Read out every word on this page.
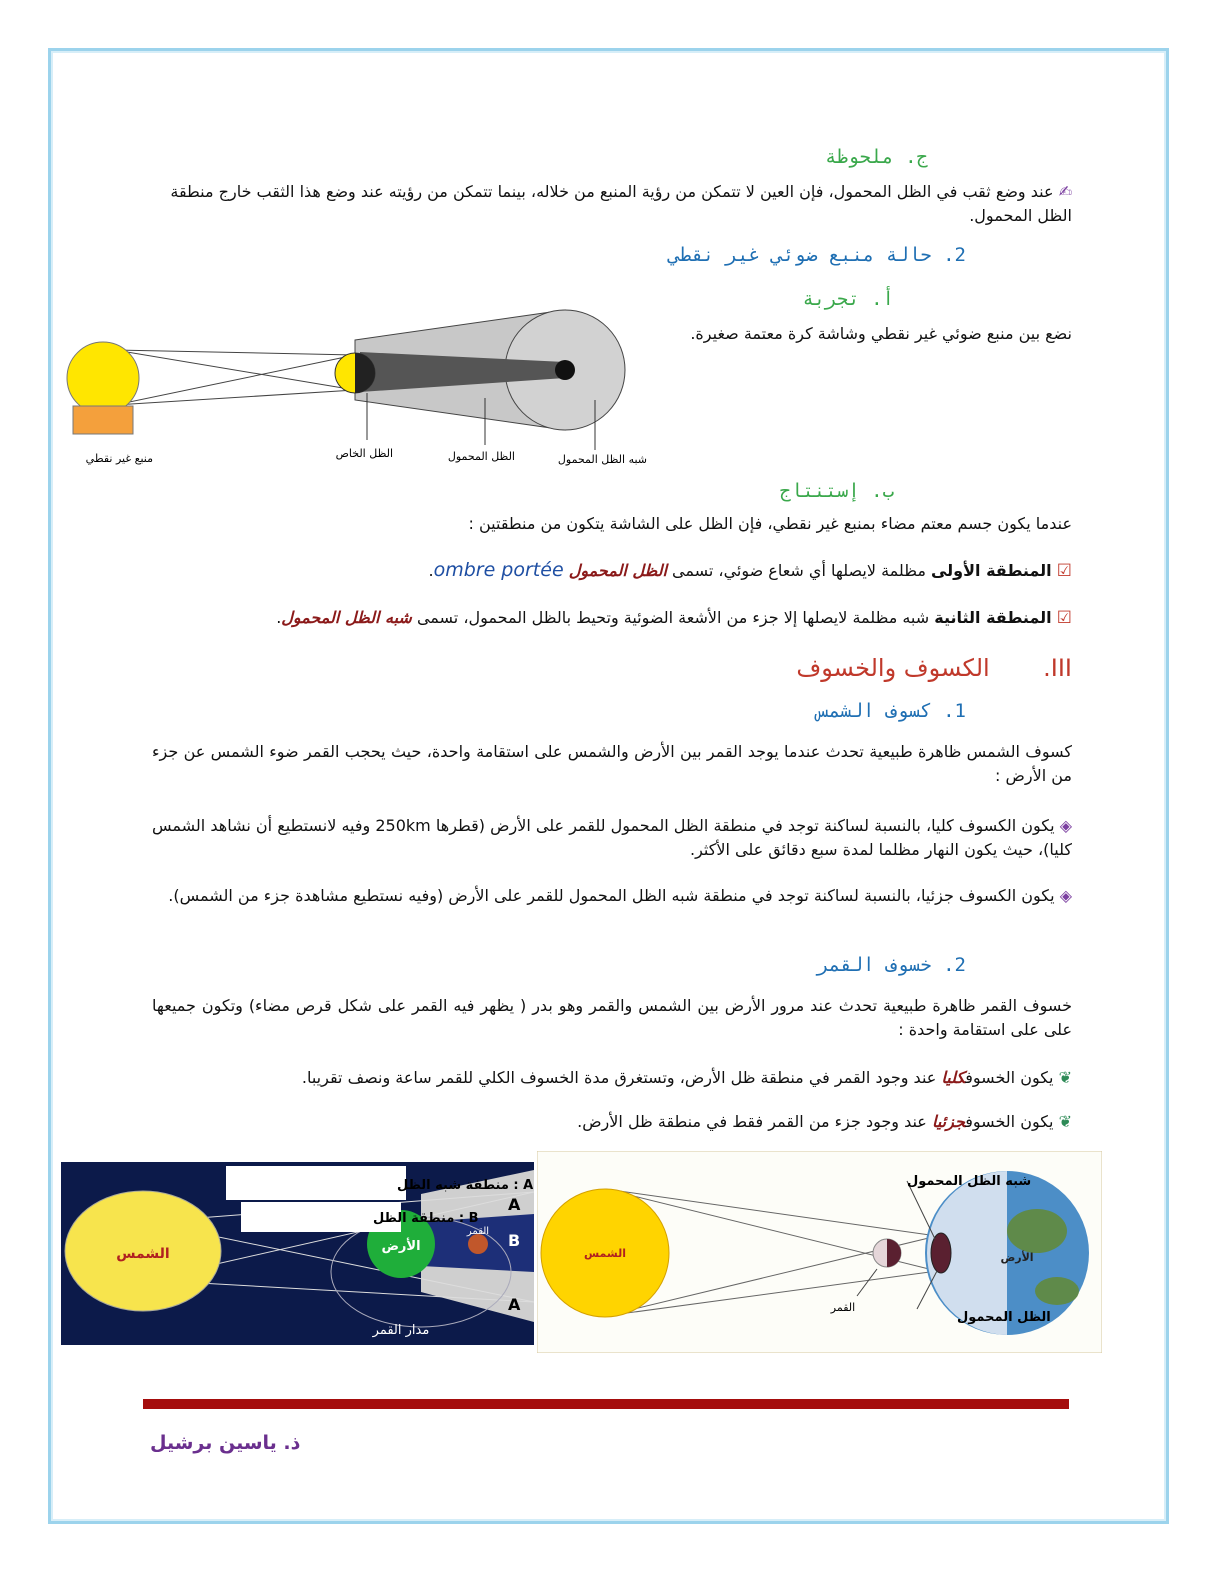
ج. ملحوظة
✍ عند وضع ثقب في الظل المحمول، فإن العين لا تتمكن من رؤية المنبع من خلاله، بينما تتمكن من رؤيته عند وضع هذا الثقب خارج منطقة الظل المحمول.
2. حالة منبع ضوئي غير نقطي
أ. تجربة
نضع بين منبع ضوئي غير نقطي وشاشة كرة معتمة صغيرة.
منبع غير نقطي	الظل الخاص	الظل المحمول	شبه الظل المحمول
ب. إستنتاج
عندما يكون جسم معتم مضاء بمنبع غير نقطي، فإن الظل على الشاشة يتكون من منطقتين :
☑ المنطقة الأولى مظلمة لايصلها أي شعاع ضوئي، تسمى الظل المحمول ombre portée.
☑ المنطقة الثانية شبه مظلمة لايصلها إلا جزء من الأشعة الضوئية وتحيط بالظل المحمول، تسمى شبه الظل المحمول.
III.       الكسوف والخسوف
1. كسوف الشمس
كسوف الشمس ظاهرة طبيعية تحدث عندما يوجد القمر بين الأرض والشمس على استقامة واحدة، حيث يحجب القمر ضوء الشمس عن جزء من الأرض :
◈ يكون الكسوف كليا، بالنسبة لساكنة توجد في منطقة الظل المحمول للقمر على الأرض (قطرها 250km وفيه لانستطيع أن نشاهد الشمس كليا)، حيث يكون النهار مظلما لمدة سبع دقائق على الأكثر.
◈ يكون الكسوف جزئيا، بالنسبة لساكنة توجد في منطقة شبه الظل المحمول للقمر على الأرض (وفيه نستطيع مشاهدة جزء من الشمس).
2. خسوف القمر
خسوف القمر ظاهرة طبيعية تحدث عند مرور الأرض بين الشمس والقمر وهو بدر ( يظهر فيه القمر على شكل قرص مضاء) وتكون جميعها على على استقامة واحدة :
❦ يكون الخسوفكليا عند وجود القمر في منطقة ظل الأرض، وتستغرق مدة الخسوف الكلي للقمر ساعة ونصف تقريبا.
❦ يكون الخسوفجزئيا عند وجود جزء من القمر فقط في منطقة ظل الأرض.
الشمس	الأرض
القمر B
A
A
مدار القمر
A : منطقة شبه الظل
B : منطقة الظل
الشمس	الأرض
القمر
شبه الظل المحمول
الظل المحمول
ذ. ياسين برشيل
